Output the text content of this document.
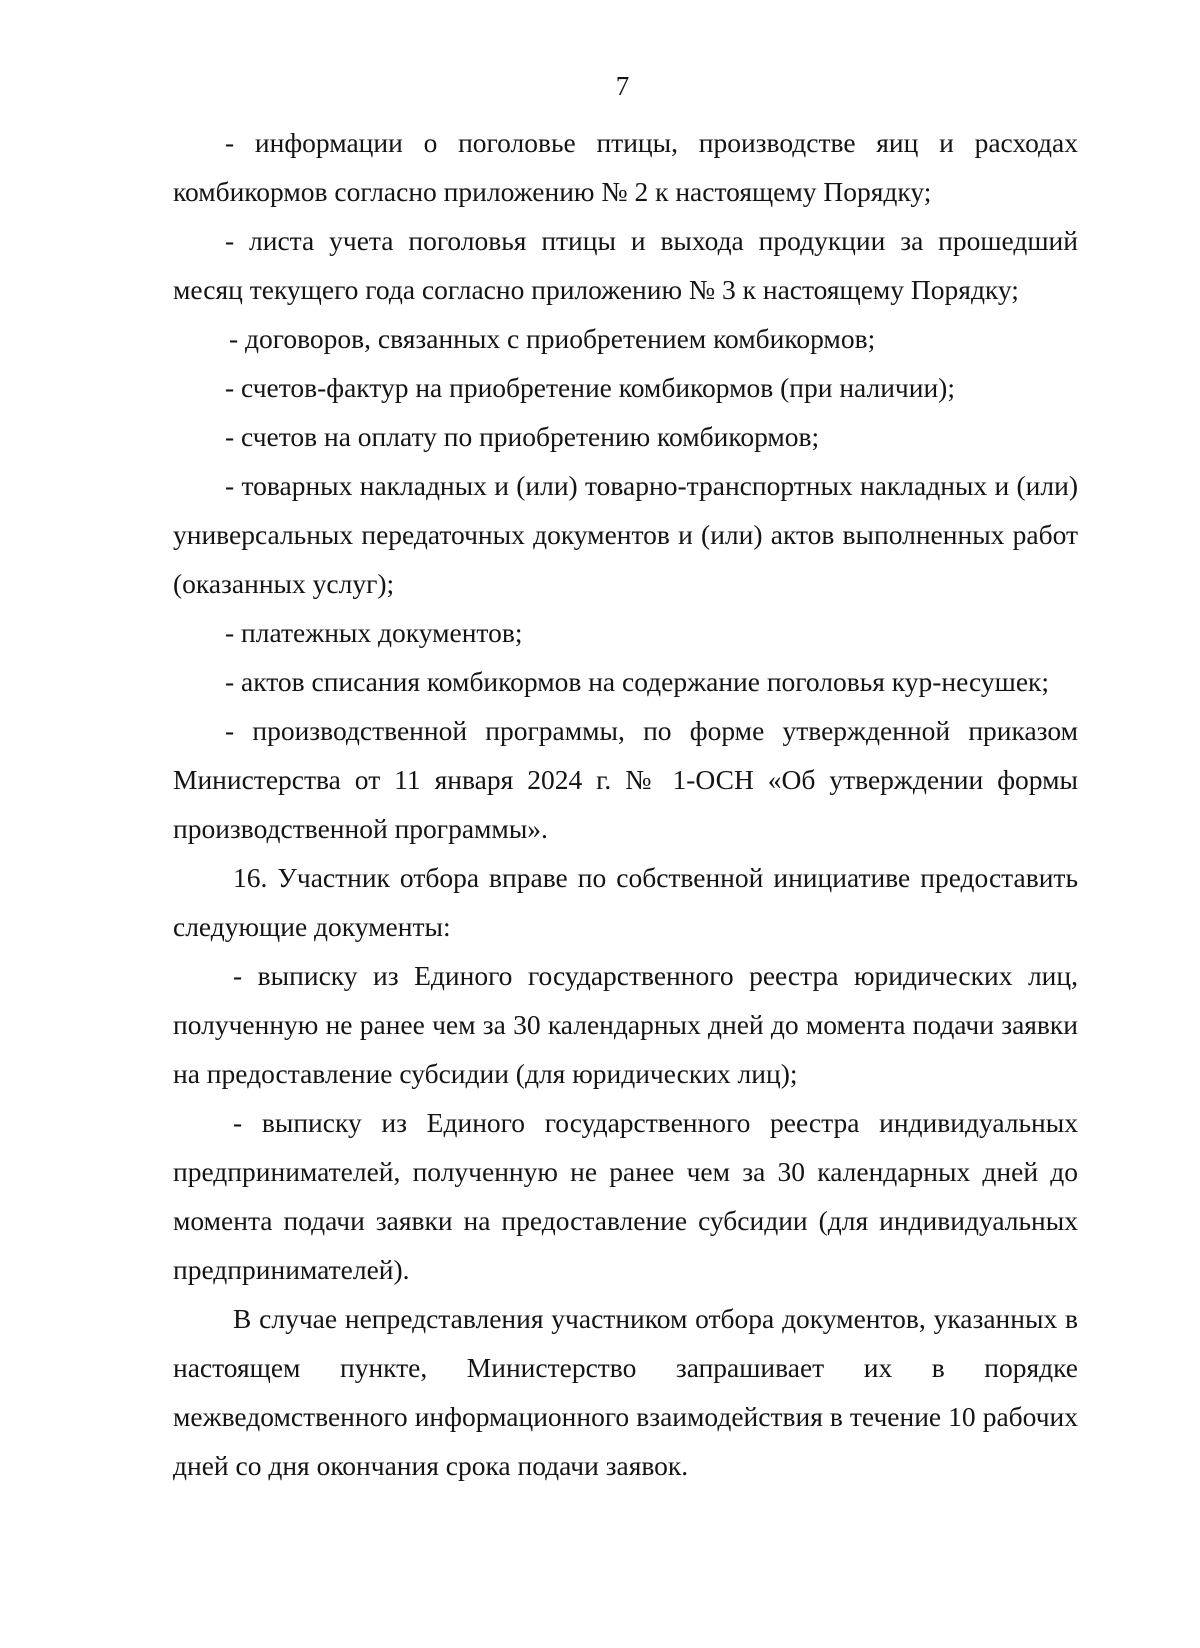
7

- информации о поголовье птицы, производстве яиц и расходах комбикормов согласно приложению № 2 к настоящему Порядку;

- листа учета поголовья птицы и выхода продукции за прошедший месяц текущего года согласно приложению № 3 к настоящему Порядку;

- договоров, связанных с приобретением комбикормов;

- счетов-фактур на приобретение комбикормов (при наличии);

- счетов на оплату по приобретению комбикормов;

- товарных накладных и (или) товарно-транспортных накладных и (или) универсальных передаточных документов и (или) актов выполненных работ (оказанных услуг);

- платежных документов;

- актов списания комбикормов на содержание поголовья кур-несушек;

- производственной программы, по форме утвержденной приказом Министерства от 11 января 2024 г. № 1-ОСН «Об утверждении формы производственной программы».

16. Участник отбора вправе по собственной инициативе предоставить следующие документы:

- выписку из Единого государственного реестра юридических лиц, полученную не ранее чем за 30 календарных дней до момента подачи заявки на предоставление субсидии (для юридических лиц);

- выписку из Единого государственного реестра индивидуальных предпринимателей, полученную не ранее чем за 30 календарных дней до момента подачи заявки на предоставление субсидии (для индивидуальных предпринимателей).

В случае непредставления участником отбора документов, указанных в настоящем пункте, Министерство запрашивает их в порядке межведомственного информационного взаимодействия в течение 10 рабочих дней со дня окончания срока подачи заявок.
